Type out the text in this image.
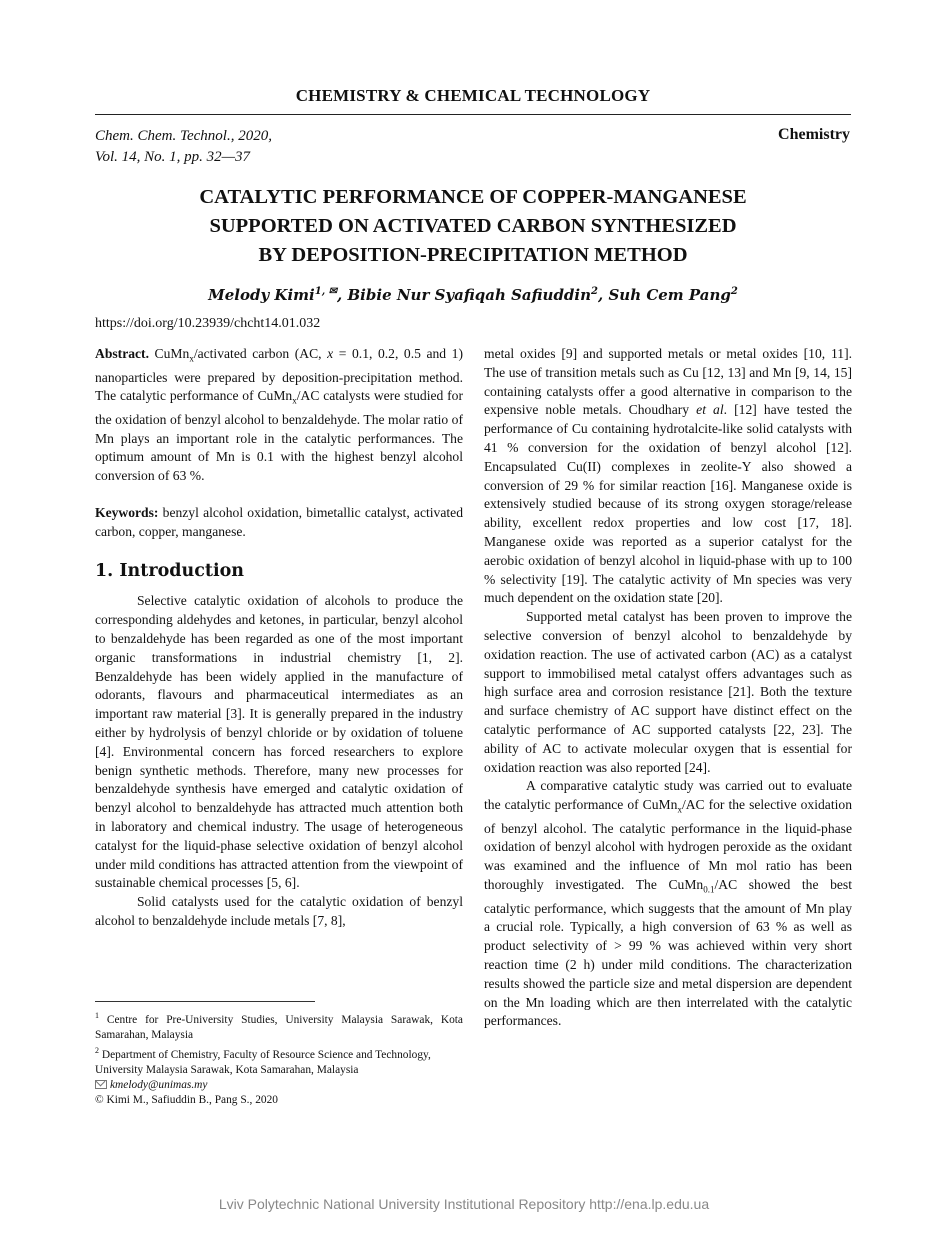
CHEMISTRY & CHEMICAL TECHNOLOGY
Chem. Chem. Technol., 2020,
Vol. 14, No. 1, pp. 32—37
Chemistry
CATALYTIC PERFORMANCE OF COPPER-MANGANESE
SUPPORTED ON ACTIVATED CARBON SYNTHESIZED
BY DEPOSITION-PRECIPITATION METHOD
Melody Kimi$^{1, ✉}$, Bibie Nur Syafiqah Safiuddin$^2$, Suh Cem Pang$^2$
https://doi.org/10.23939/chcht14.01.032

Abstract. CuMn$_x$/activated carbon (AC, x = 0.1, 0.2, 0.5 and 1) nanoparticles were prepared by deposition-precipitation method. The catalytic performance of CuMn$_x$/AC catalysts were studied for the oxidation of benzyl alcohol to benzaldehyde. The molar ratio of Mn plays an important role in the catalytic performances. The optimum amount of Mn is 0.1 with the highest benzyl alcohol conversion of 63 %.

Keywords: benzyl alcohol oxidation, bimetallic catalyst, activated carbon, copper, manganese.

1. Introduction

Selective catalytic oxidation of alcohols to produce the corresponding aldehydes and ketones, in particular, benzyl alcohol to benzaldehyde has been regarded as one of the most important organic transformations in industrial chemistry [1, 2]. Benzaldehyde has been widely applied in the manufacture of odorants, flavours and pharmaceutical intermediates as an important raw material [3]. It is generally prepared in the industry either by hydrolysis of benzyl chloride or by oxidation of toluene [4]. Environmental concern has forced researchers to explore benign synthetic methods. Therefore, many new processes for benzaldehyde synthesis have emerged and catalytic oxidation of benzyl alcohol to benzaldehyde has attracted much attention both in laboratory and chemical industry. The usage of heterogeneous catalyst for the liquid-phase selective oxidation of benzyl alcohol under mild conditions has attracted attention from the viewpoint of sustainable chemical processes [5, 6].

Solid catalysts used for the catalytic oxidation of benzyl alcohol to benzaldehyde include metals [7, 8],

$^1$ Centre for Pre-University Studies, University Malaysia Sarawak, Kota Samarahan, Malaysia

$^2$ Department of Chemistry, Faculty of Resource Science and Technology,

University Malaysia Sarawak, Kota Samarahan, Malaysia

kmelody@unimas.my

© Kimi M., Safiuddin B., Pang S., 2020

metal oxides [9] and supported metals or metal oxides [10, 11]. The use of transition metals such as Cu [12, 13] and Mn [9, 14, 15] containing catalysts offer a good alternative in comparison to the expensive noble metals. Choudhary et al. [12] have tested the performance of Cu containing hydrotalcite-like solid catalysts with 41 % conversion for the oxidation of benzyl alcohol [12]. Encapsulated Cu(II) complexes in zeolite-Y also showed a conversion of 29 % for similar reaction [16]. Manganese oxide is extensively studied because of its strong oxygen storage/release ability, excellent redox properties and low cost [17, 18]. Manganese oxide was reported as a superior catalyst for the aerobic oxidation of benzyl alcohol in liquid-phase with up to 100 % selectivity [19]. The catalytic activity of Mn species was very much dependent on the oxidation state [20].

Supported metal catalyst has been proven to improve the selective conversion of benzyl alcohol to benzaldehyde by oxidation reaction. The use of activated carbon (AC) as a catalyst support to immobilised metal catalyst offers advantages such as high surface area and corrosion resistance [21]. Both the texture and surface chemistry of AC support have distinct effect on the catalytic performance of AC supported catalysts [22, 23]. The ability of AC to activate molecular oxygen that is essential for oxidation reaction was also reported [24].

A comparative catalytic study was carried out to evaluate the catalytic performance of CuMn$_x$/AC for the selective oxidation of benzyl alcohol. The catalytic performance in the liquid-phase oxidation of benzyl alcohol with hydrogen peroxide as the oxidant was examined and the influence of Mn mol ratio has been thoroughly investigated. The CuMn$_{0.1}$/AC showed the best catalytic performance, which suggests that the amount of Mn play a crucial role. Typically, a high conversion of 63 % as well as product selectivity of > 99 % was achieved within very short reaction time (2 h) under mild conditions. The characterization results showed the particle size and metal dispersion are dependent on the Mn loading which are then interrelated with the catalytic performances.

Lviv Polytechnic National University Institutional Repository http://ena.lp.edu.ua
